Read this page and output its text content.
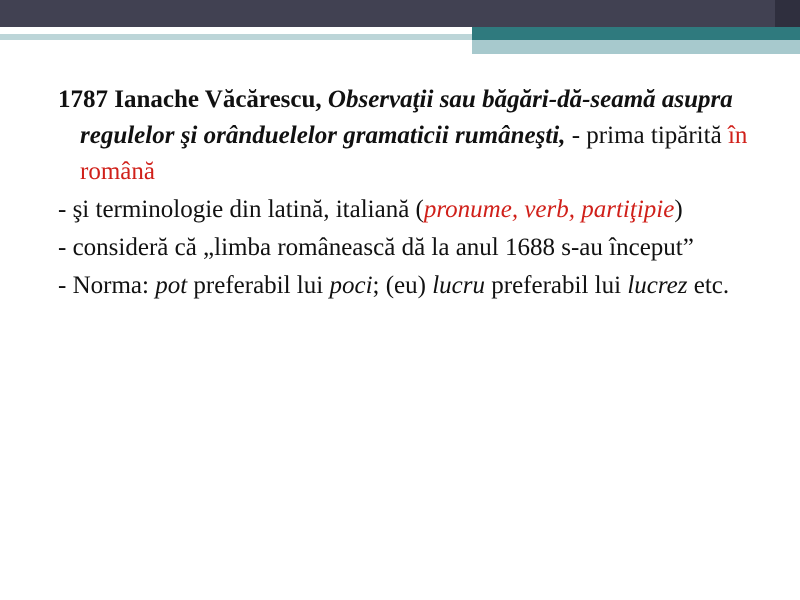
1787 Ianache Văcărescu, Observaţii sau băgări-dă-seamă asupra regulelor şi orânduelelor gramaticii rumâneşti, - prima tipărită în română
- şi terminologie din latină, italiană (pronume, verb, partiţipie)
- consideră că „limba românească dă la anul 1688 s-au început”
- Norma: pot preferabil lui poci; (eu) lucru preferabil lui lucrez etc.
